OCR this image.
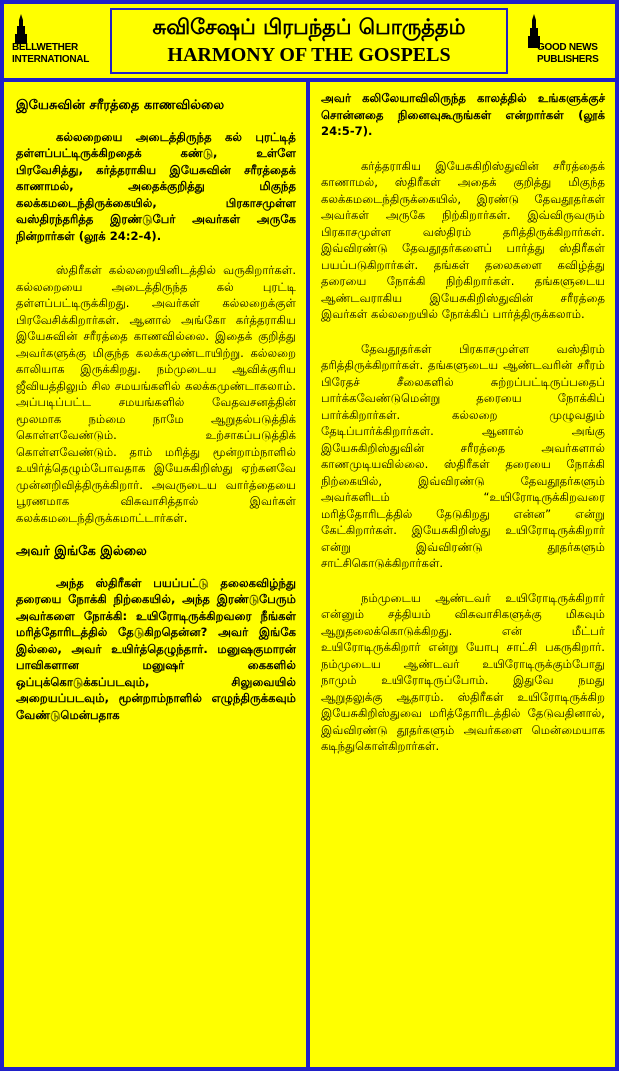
BELLWETHER
INTERNATIONAL
சுவிசேஷப் பிரபந்தப் பொருத்தம்
HARMONY OF THE GOSPELS	GOOD NEWS
PUBLISHERS
இயேசுவின் சரீரத்தை காணவில்லை

கல்லறையை அடைத்திருந்த கல் புரட்டித் தள்ளப்பட்டிருக்கிறதைக் கண்டு, உள்ளே பிரவேசித்து, கர்த்தராகிய இயேசுவின் சரீரத்தைக் காணாமல், அதைக்குறித்து மிகுந்த கலக்கமடைந்திருக்கையில், பிரகாசமுள்ள வஸ்திரந்தரித்த இரண்டுபேர் அவர்கள் அருகே நின்றார்கள் (லூக் 24:2-4).

ஸ்திரீகள் கல்லறையினிடத்தில் வருகிறார்கள். கல்லறையை அடைத்திருந்த கல் புரட்டி தள்ளப்பட்டிருக்கிறது. அவர்கள் கல்லறைக்குள் பிரவேசிக்கிறார்கள். ஆனால் அங்கோ கர்த்தராகிய இயேசுவின் சரீரத்தை காணவில்லை. இதைக் குறித்து அவர்களுக்கு மிகுந்த கலக்கமுண்டாயிற்று. கல்லறை காலியாக இருக்கிறது. நம்முடைய ஆவிக்குரிய ஜீவியத்திலும் சில சமயங்களில் கலக்கமுண்டாகலாம். அப்படிப்பட்ட சமயங்களில் வேதவசனத்தின் மூலமாக நம்மை நாமே ஆறுதல்படுத்திக் கொள்ளவேண்டும். உற்சாகப்படுத்திக் கொள்ளவேண்டும். தாம் மரித்து மூன்றாம்நாளில் உயிர்த்தெழும்போவதாக இயேசுகிறிஸ்து ஏற்கனவே முன்னறிவித்திருக்கிறார். அவருடைய வார்த்தையை பூரணமாக விசுவாசித்தால் இவர்கள் கலக்கமடைந்திருக்கமாட்டார்கள்.

அவர் இங்கே இல்லை

அந்த ஸ்திரீகள் பயப்பட்டு தலைகவிழ்ந்து தரையை நோக்கி நிற்கையில், அந்த இரண்டுபேரும் அவர்களை நோக்கி: உயிரோடிருக்கிறவரை நீங்கள் மரித்தோரிடத்தில் தேடுகிறதென்ன? அவர் இங்கே இல்லை, அவர் உயிர்த்தெழுந்தார். மனுஷகுமாரன் பாவிகளான மனுஷர் கைகளில் ஒப்புக்கொடுக்கப்படவும், சிலுவையில் அறையப்படவும், மூன்றாம்நாளில் எழுந்திருக்கவும் வேண்டுமென்பதாக

அவர் கலிலேயாவிலிருந்த காலத்தில் உங்களுக்குச் சொன்னதை நினைவுகூருங்கள் என்றார்கள் (லூக் 24:5-7).

கர்த்தராகிய இயேசுகிறிஸ்துவின் சரீரத்தைக் காணாமல், ஸ்திரீகள் அதைக் குறித்து மிகுந்த கலக்கமடைந்திருக்கையில், இரண்டு தேவதூதர்கள் அவர்கள் அருகே நிற்கிறார்கள். இவ்விருவரும் பிரகாசமுள்ள வஸ்திரம் தரித்திருக்கிறார்கள். இவ்விரண்டு தேவதூதர்களைப் பார்த்து ஸ்திரீகள் பயப்படுகிறார்கள். தங்கள் தலைகளை கவிழ்த்து தரையை நோக்கி நிற்கிறார்கள். தங்களுடைய ஆண்டவராகிய இயேசுகிறிஸ்துவின் சரீரத்தை இவர்கள் கல்லறையில் நோக்கிப் பார்த்திருக்கலாம்.

தேவதூதர்கள் பிரகாசமுள்ள வஸ்திரம் தரித்திருக்கிறார்கள். தங்களுடைய ஆண்டவரின் சரீரம் பிரேதச் சீலைகளில் சுற்றப்பட்டிருப்பதைப் பார்க்கவேண்டுமென்று தரையை நோக்கிப் பார்க்கிறார்கள். கல்லறை முழுவதும் தேடிப்பார்க்கிறார்கள். ஆனால் அங்கு இயேசுகிறிஸ்துவின் சரீரத்தை அவர்களால் காணமுடியவில்லை. ஸ்திரீகள் தரையை நோக்கி நிற்கையில், இவ்விரண்டு தேவதூதர்களும் அவர்களிடம் “உயிரோடிருக்கிறவரை மரித்தோரிடத்தில் தேடுகிறது என்ன” என்று கேட்கிறார்கள். இயேசுகிறிஸ்து உயிரோடிருக்கிறார் என்று இவ்விரண்டு தூதர்களும் சாட்சிகொடுக்கிறார்கள்.

நம்முடைய ஆண்டவர் உயிரோடிருக்கிறார் என்னும் சத்தியம் விசுவாசிகளுக்கு மிகவும் ஆறுதலைக்கொடுக்கிறது. என் மீட்பர் உயிரோடிருக்கிறார் என்று யோபு சாட்சி பகருகிறார். நம்முடைய ஆண்டவர் உயிரோடிருக்கும்போது நாமும் உயிரோடிருப்போம். இதுவே நமது ஆறுதலுக்கு ஆதாரம். ஸ்திரீகள் உயிரோடிருக்கிற இயேசுகிறிஸ்துவை மரித்தோரிடத்தில் தேடுவதினால், இவ்விரண்டு தூதர்களும் அவர்களை மென்மையாக கடிந்துகொள்கிறார்கள்.
